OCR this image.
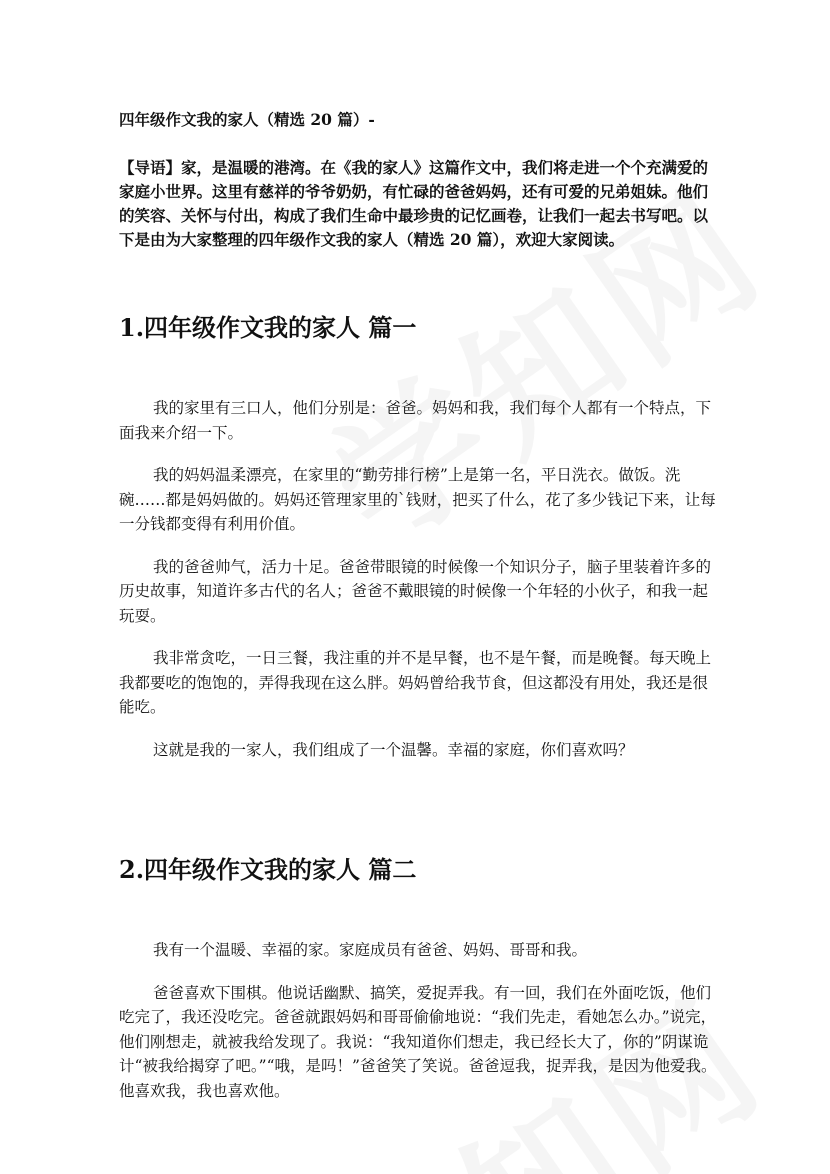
四年级作文我的家人（精选 20 篇）-

【导语】家，是温暖的港湾。在《我的家人》这篇作文中，我们将走进一个个充满爱的家庭小世界。这里有慈祥的爷爷奶奶，有忙碌的爸爸妈妈，还有可爱的兄弟姐妹。他们的笑容、关怀与付出，构成了我们生命中最珍贵的记忆画卷，让我们一起去书写吧。以下是由为大家整理的四年级作文我的家人（精选 20 篇），欢迎大家阅读。

1.四年级作文我的家人 篇一

我的家里有三口人，他们分别是：爸爸。妈妈和我，我们每个人都有一个特点，下面我来介绍一下。

我的妈妈温柔漂亮，在家里的“勤劳排行榜”上是第一名，平日洗衣。做饭。洗碗……都是妈妈做的。妈妈还管理家里的`钱财，把买了什么，花了多少钱记下来，让每一分钱都变得有利用价值。

我的爸爸帅气，活力十足。爸爸带眼镜的时候像一个知识分子，脑子里装着许多的历史故事，知道许多古代的名人；爸爸不戴眼镜的时候像一个年轻的小伙子，和我一起玩耍。

我非常贪吃，一日三餐，我注重的并不是早餐，也不是午餐，而是晚餐。每天晚上我都要吃的饱饱的，弄得我现在这么胖。妈妈曾给我节食，但这都没有用处，我还是很能吃。

这就是我的一家人，我们组成了一个温馨。幸福的家庭，你们喜欢吗？

2.四年级作文我的家人 篇二

我有一个温暖、幸福的家。家庭成员有爸爸、妈妈、哥哥和我。

爸爸喜欢下围棋。他说话幽默、搞笑，爱捉弄我。有一回，我们在外面吃饭，他们吃完了，我还没吃完。爸爸就跟妈妈和哥哥偷偷地说：“我们先走，看她怎么办。”说完，他们刚想走，就被我给发现了。我说：“我知道你们想走，我已经长大了，你的”阴谋诡计“被我给揭穿了吧。”“哦，是吗！”爸爸笑了笑说。爸爸逗我，捉弄我，是因为他爱我。他喜欢我，我也喜欢他。
